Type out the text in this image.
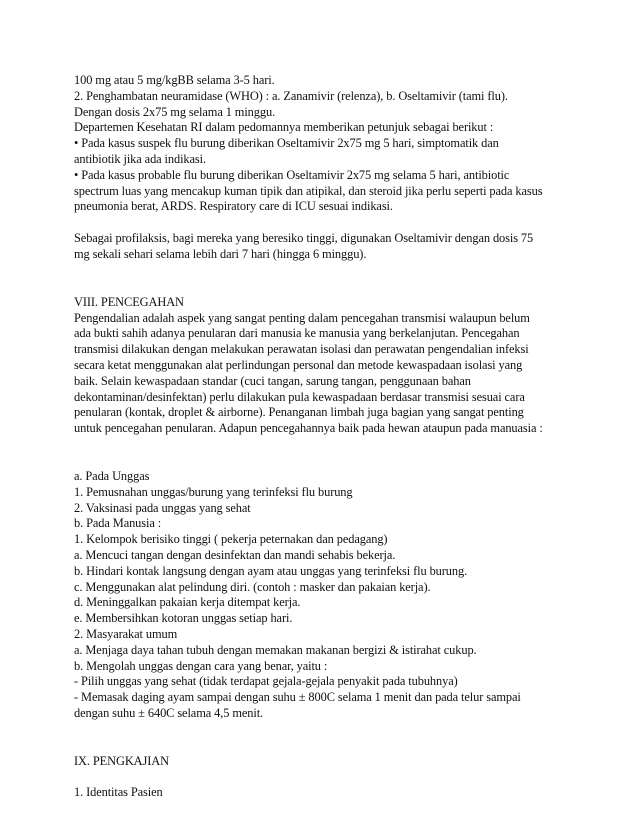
100 mg atau 5 mg/kgBB selama 3-5 hari.
2. Penghambatan neuramidase (WHO) : a. Zanamivir (relenza), b. Oseltamivir (tami flu).
Dengan dosis 2x75 mg selama 1 minggu.
Departemen Kesehatan RI dalam pedomannya memberikan petunjuk sebagai berikut :
• Pada kasus suspek flu burung diberikan Oseltamivir 2x75 mg 5 hari, simptomatik dan
antibiotik jika ada indikasi.
• Pada kasus probable flu burung diberikan Oseltamivir 2x75 mg selama 5 hari, antibiotic
spectrum luas yang mencakup kuman tipik dan atipikal, dan steroid jika perlu seperti pada kasus
pneumonia berat, ARDS. Respiratory care di ICU sesuai indikasi.
Sebagai profilaksis, bagi mereka yang beresiko tinggi, digunakan Oseltamivir dengan dosis 75
mg sekali sehari selama lebih dari 7 hari (hingga 6 minggu).
VIII. PENCEGAHAN
Pengendalian adalah aspek yang sangat penting dalam pencegahan transmisi walaupun belum
ada bukti sahih adanya penularan dari manusia ke manusia yang berkelanjutan. Pencegahan
transmisi dilakukan dengan melakukan perawatan isolasi dan perawatan pengendalian infeksi
secara ketat menggunakan alat perlindungan personal dan metode kewaspadaan isolasi yang
baik. Selain kewaspadaan standar (cuci tangan, sarung tangan, penggunaan bahan
dekontaminan/desinfektan) perlu dilakukan pula kewaspadaan berdasar transmisi sesuai cara
penularan (kontak, droplet & airborne). Penanganan limbah juga bagian yang sangat penting
untuk pencegahan penularan. Adapun pencegahannya baik pada hewan ataupun pada manuasia :
a. Pada Unggas
1. Pemusnahan unggas/burung yang terinfeksi flu burung
2. Vaksinasi pada unggas yang sehat
b. Pada Manusia :
1. Kelompok berisiko tinggi ( pekerja peternakan dan pedagang)
a. Mencuci tangan dengan desinfektan dan mandi sehabis bekerja.
b. Hindari kontak langsung dengan ayam atau unggas yang terinfeksi flu burung.
c. Menggunakan alat pelindung diri. (contoh : masker dan pakaian kerja).
d. Meninggalkan pakaian kerja ditempat kerja.
e. Membersihkan kotoran unggas setiap hari.
2. Masyarakat umum
a. Menjaga daya tahan tubuh dengan memakan makanan bergizi & istirahat cukup.
b. Mengolah unggas dengan cara yang benar, yaitu :
- Pilih unggas yang sehat (tidak terdapat gejala-gejala penyakit pada tubuhnya)
- Memasak daging ayam sampai dengan suhu ± 800C selama 1 menit dan pada telur sampai
dengan suhu ± 640C selama 4,5 menit.
IX. PENGKAJIAN
1. Identitas Pasien
